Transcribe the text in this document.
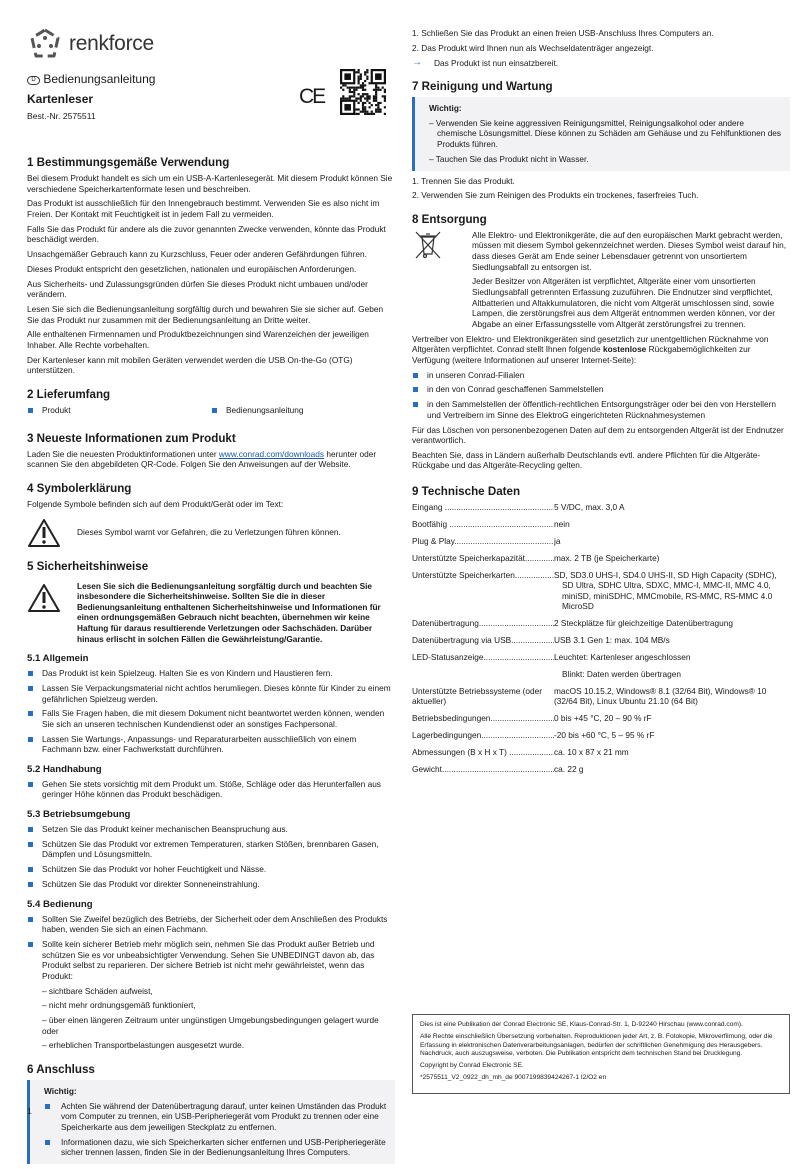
renkforce
D Bedienungsanleitung
Kartenleser
Best.-Nr. 2575511
CE
1 Bestimmungsgemäße Verwendung

Bei diesem Produkt handelt es sich um ein USB-A-Kartenlesegerät. Mit diesem Produkt können Sie verschiedene Speicherkartenformate lesen und beschreiben.

Das Produkt ist ausschließlich für den Innengebrauch bestimmt. Verwenden Sie es also nicht im Freien. Der Kontakt mit Feuchtigkeit ist in jedem Fall zu vermeiden.

Falls Sie das Produkt für andere als die zuvor genannten Zwecke verwenden, könnte das Produkt beschädigt werden.

Unsachgemäßer Gebrauch kann zu Kurzschluss, Feuer oder anderen Gefährdungen führen.

Dieses Produkt entspricht den gesetzlichen, nationalen und europäischen Anforderungen.

Aus Sicherheits- und Zulassungsgründen dürfen Sie dieses Produkt nicht umbauen und/oder verändern.

Lesen Sie sich die Bedienungsanleitung sorgfältig durch und bewahren Sie sie sicher auf. Geben Sie das Produkt nur zusammen mit der Bedienungsanleitung an Dritte weiter.

Alle enthaltenen Firmennamen und Produktbezeichnungen sind Warenzeichen der jeweiligen Inhaber. Alle Rechte vorbehalten.

Der Kartenleser kann mit mobilen Geräten verwendet werden die USB On-the-Go (OTG) unterstützen.

2 Lieferumfang
Produkt	Bedienungsanleitung
3 Neueste Informationen zum Produkt

Laden Sie die neuesten Produktinformationen unter www.conrad.com/downloads herunter oder scannen Sie den abgebildeten QR-Code. Folgen Sie den Anweisungen auf der Website.

4 Symbolerklärung

Folgende Symbole befinden sich auf dem Produkt/Gerät oder im Text:

Dieses Symbol warnt vor Gefahren, die zu Verletzungen führen können.
5 Sicherheitshinweise
Lesen Sie sich die Bedienungsanleitung sorgfältig durch und beachten Sie insbesondere die Sicherheitshinweise. Sollten Sie die in dieser Bedienungsanleitung enthaltenen Sicherheitshinweise und Informationen für einen ordnungsgemäßen Gebrauch nicht beachten, übernehmen wir keine Haftung für daraus resultierende Verletzungen oder Sachschäden. Darüber hinaus erlischt in solchen Fällen die Gewährleistung/Garantie.
5.1 Allgemein
Das Produkt ist kein Spielzeug. Halten Sie es von Kindern und Haustieren fern.
Lassen Sie Verpackungsmaterial nicht achtlos herumliegen. Dieses könnte für Kinder zu einem gefährlichen Spielzeug werden.
Falls Sie Fragen haben, die mit diesem Dokument nicht beantwortet werden können, wenden Sie sich an unseren technischen Kundendienst oder an sonstiges Fachpersonal.
Lassen Sie Wartungs-, Anpassungs- und Reparaturarbeiten ausschließlich von einem Fachmann bzw. einer Fachwerkstatt durchführen.
5.2 Handhabung
Gehen Sie stets vorsichtig mit dem Produkt um. Stöße, Schläge oder das Herunterfallen aus geringer Höhe können das Produkt beschädigen.
5.3 Betriebsumgebung
Setzen Sie das Produkt keiner mechanischen Beanspruchung aus.
Schützen Sie das Produkt vor extremen Temperaturen, starken Stößen, brennbaren Gasen, Dämpfen und Lösungsmitteln.
Schützen Sie das Produkt vor hoher Feuchtigkeit und Nässe.
Schützen Sie das Produkt vor direkter Sonneneinstrahlung.
5.4 Bedienung
Sollten Sie Zweifel bezüglich des Betriebs, der Sicherheit oder dem Anschließen des Produkts haben, wenden Sie sich an einen Fachmann.
Sollte kein sicherer Betrieb mehr möglich sein, nehmen Sie das Produkt außer Betrieb und schützen Sie es vor unbeabsichtigter Verwendung. Sehen Sie UNBEDINGT davon ab, das Produkt selbst zu reparieren. Der sichere Betrieb ist nicht mehr gewährleistet, wenn das Produkt:

– sichtbare Schäden aufweist,

– nicht mehr ordnungsgemäß funktioniert,

– über einen längeren Zeitraum unter ungünstigen Umgebungsbedingungen gelagert wurde oder

– erheblichen Transportbelastungen ausgesetzt wurde.

6 Anschluss
Wichtig:
Achten Sie während der Datenübertragung darauf, unter keinen Umständen das Produkt vom Computer zu trennen, ein USB-Peripheriegerät vom Produkt zu trennen oder eine Speicherkarte aus dem jeweiligen Steckplatz zu entfernen.
Informationen dazu, wie sich Speicherkarten sicher entfernen und USB-Peripheriegeräte sicher trennen lassen, finden Sie in der Bedienungsanleitung Ihres Computers.

1. Schließen Sie das Produkt an einen freien USB-Anschluss Ihres Computers an.

2. Das Produkt wird Ihnen nun als Wechseldatenträger angezeigt.

→	Das Produkt ist nun einsatzbereit.

7 Reinigung und Wartung
Wichtig:

– Verwenden Sie keine aggressiven Reinigungsmittel, Reinigungsalkohol oder andere chemische Lösungsmittel. Diese können zu Schäden am Gehäuse und zu Fehlfunktionen des Produkts führen.

– Tauchen Sie das Produkt nicht in Wasser.

1. Trennen Sie das Produkt.

2. Verwenden Sie zum Reinigen des Produkts ein trockenes, faserfreies Tuch.

8 Entsorgung

Alle Elektro- und Elektronikgeräte, die auf den europäischen Markt gebracht werden, müssen mit diesem Symbol gekennzeichnet werden. Dieses Symbol weist darauf hin, dass dieses Gerät am Ende seiner Lebensdauer getrennt von unsortiertem Siedlungsabfall zu entsorgen ist.

Jeder Besitzer von Altgeräten ist verpflichtet, Altgeräte einer vom unsortierten Siedlungsabfall getrennten Erfassung zuzuführen. Die Endnutzer sind verpflichtet, Altbatterien und Altakkumulatoren, die nicht vom Altgerät umschlossen sind, sowie Lampen, die zerstörungsfrei aus dem Altgerät entnommen werden können, vor der Abgabe an einer Erfassungsstelle vom Altgerät zerstörungsfrei zu trennen.

Vertreiber von Elektro- und Elektronikgeräten sind gesetzlich zur unentgeltlichen Rücknahme von Altgeräten verpflichtet. Conrad stellt Ihnen folgende kostenlose Rückgabemöglichkeiten zur Verfügung (weitere Informationen auf unserer Internet-Seite):

in unseren Conrad-Filialen
in den von Conrad geschaffenen Sammelstellen
in den Sammelstellen der öffentlich-rechtlichen Entsorgungsträger oder bei den von Herstellern und Vertreibern im Sinne des ElektroG eingerichteten Rücknahmesystemen

Für das Löschen von personenbezogenen Daten auf dem zu entsorgenden Altgerät ist der Endnutzer verantwortlich.

Beachten Sie, dass in Ländern außerhalb Deutschlands evtl. andere Pflichten für die Altgeräte-Rückgabe und das Altgeräte-Recycling gelten.

9 Technische Daten
Eingang .....	5 V/DC, max. 3,0 A
Bootfähig .....	nein
Plug & Play .....	ja
Unterstützte Speicherkapazität .....	max. 2 TB (je Speicherkarte)
Unterstützte Speicherkarten .....	SD, SD3.0 UHS-I, SD4.0 UHS-II, SD High Capacity (SDHC),
SD Ultra, SDHC Ultra, SDXC, MMC-I, MMC-II, MMC 4.0, miniSD, miniSDHC, MMCmobile, RS-MMC, RS-MMC 4.0
MicroSD
Datenübertragung .....	2 Steckplätze für gleichzeitige Datenübertragung
Datenübertragung via USB .....	USB 3.1 Gen 1: max. 104 MB/s
LED-Statusanzeige .....	Leuchtet: Kartenleser angeschlossen
Blinkt: Daten werden übertragen
Unterstützte Betriebssysteme (oder aktueller)
macOS 10.15.2, Windows® 8.1 (32/64 Bit), Windows® 10 (32/64 Bit), Linux Ubuntu 21.10 (64 Bit)
Betriebsbedingungen .....	0 bis +45 °C, 20 – 90 % rF
Lagerbedingungen .....	-20 bis +60 °C, 5 – 95 % rF
Abmessungen (B x H x T) .....	ca. 10 x 87 x 21 mm
Gewicht .....	ca. 22 g

Dies ist eine Publikation der Conrad Electronic SE, Klaus-Conrad-Str. 1, D-92240 Hirschau (www.conrad.com).

Alle Rechte einschließlich Übersetzung vorbehalten. Reproduktionen jeder Art, z. B. Fotokopie, Mikroverfilmung, oder die Erfassung in elektronischen Datenverarbeitungsanlagen, bedürfen der schriftlichen Genehmigung des Herausgebers. Nachdruck, auch auszugsweise, verboten. Die Publikation entspricht dem technischen Stand bei Drucklegung.

Copyright by Conrad Electronic SE.

*2575511_V2_0922_dh_mh_de 9007199839424267-1 I2/O2 en

1
